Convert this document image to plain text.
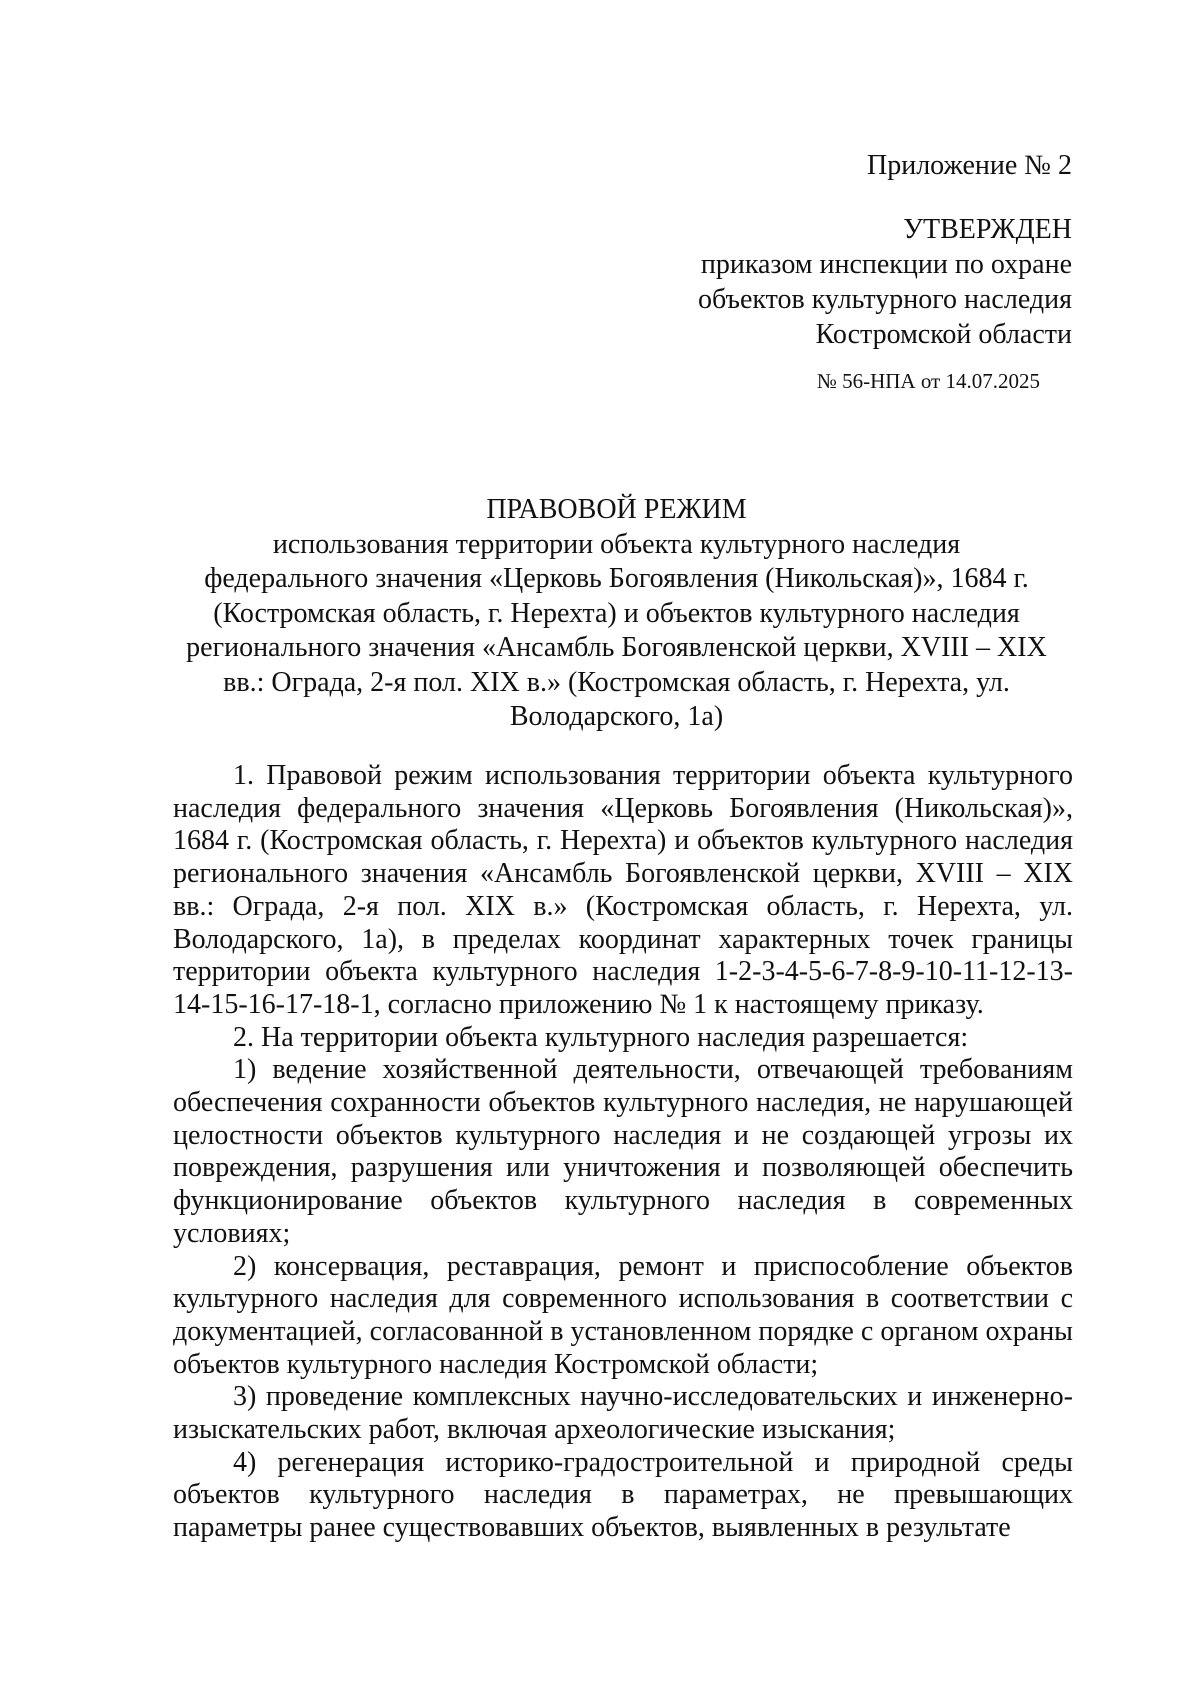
Приложение № 2
УТВЕРЖДЕН
приказом инспекции по охране
объектов культурного наследия
Костромской области
№ 56-НПА от 14.07.2025
ПРАВОВОЙ РЕЖИМ
использования территории объекта культурного наследия
федерального значения «Церковь Богоявления (Никольская)», 1684 г.
(Костромская область, г. Нерехта) и объектов культурного наследия
регионального значения «Ансамбль Богоявленской церкви, XVIII – XIX
вв.: Ограда, 2-я пол. XIX в.» (Костромская область, г. Нерехта, ул.
Володарского, 1а)

1. Правовой режим использования территории объекта культурного наследия федерального значения «Церковь Богоявления (Никольская)», 1684 г. (Костромская область, г. Нерехта) и объектов культурного наследия регионального значения «Ансамбль Богоявленской церкви, XVIII – XIX вв.: Ограда, 2-я пол. XIX в.» (Костромская область, г. Нерехта, ул. Володарского, 1а), в пределах координат характерных точек границы территории объекта культурного наследия 1-2-3-4-5-6-7-8-9-10-11-12-13-14-15-16-17-18-1, согласно приложению № 1 к настоящему приказу.

2. На территории объекта культурного наследия разрешается:

1) ведение хозяйственной деятельности, отвечающей требованиям обеспечения сохранности объектов культурного наследия, не нарушающей целостности объектов культурного наследия и не создающей угрозы их повреждения, разрушения или уничтожения и позволяющей обеспечить функционирование объектов культурного наследия в современных условиях;

2) консервация, реставрация, ремонт и приспособление объектов культурного наследия для современного использования в соответствии с документацией, согласованной в установленном порядке с органом охраны объектов культурного наследия Костромской области;

3) проведение комплексных научно-исследовательских и инженерно-изыскательских работ, включая археологические изыскания;

4) регенерация историко-градостроительной и природной среды объектов культурного наследия в параметрах, не превышающих параметры ранее существовавших объектов, выявленных в результате
